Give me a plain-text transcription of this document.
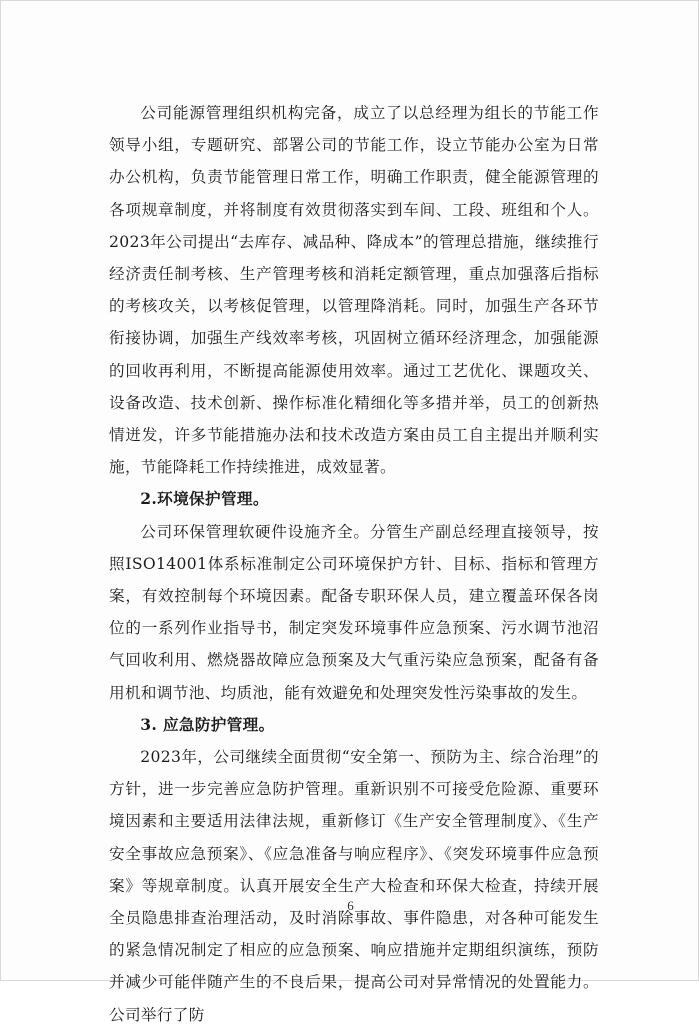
公司能源管理组织机构完备，成立了以总经理为组长的节能工作领导小组，专题研究、部署公司的节能工作，设立节能办公室为日常办公机构，负责节能管理日常工作，明确工作职责，健全能源管理的各项规章制度，并将制度有效贯彻落实到车间、工段、班组和个人。2023年公司提出“去库存、减品种、降成本”的管理总措施，继续推行经济责任制考核、生产管理考核和消耗定额管理，重点加强落后指标的考核攻关，以考核促管理，以管理降消耗。同时，加强生产各环节衔接协调，加强生产线效率考核，巩固树立循环经济理念，加强能源的回收再利用，不断提高能源使用效率。通过工艺优化、课题攻关、设备改造、技术创新、操作标准化精细化等多措并举，员工的创新热情迸发，许多节能措施办法和技术改造方案由员工自主提出并顺利实施，节能降耗工作持续推进，成效显著。

2.环境保护管理。

公司环保管理软硬件设施齐全。分管生产副总经理直接领导，按照ISO14001体系标准制定公司环境保护方针、目标、指标和管理方案，有效控制每个环境因素。配备专职环保人员，建立覆盖环保各岗位的一系列作业指导书，制定突发环境事件应急预案、污水调节池沼气回收利用、燃烧器故障应急预案及大气重污染应急预案，配备有备用机和调节池、均质池，能有效避免和处理突发性污染事故的发生。

3. 应急防护管理。

2023年，公司继续全面贯彻“安全第一、预防为主、综合治理”的方针，进一步完善应急防护管理。重新识别不可接受危险源、重要环境因素和主要适用法律法规，重新修订《生产安全管理制度》、《生产安全事故应急预案》、《应急准备与响应程序》、《突发环境事件应急预案》等规章制度。认真开展安全生产大检查和环保大检查，持续开展全员隐患排查治理活动，及时消除事故、事件隐患，对各种可能发生的紧急情况制定了相应的应急预案、响应措施并定期组织演练，预防并减少可能伴随产生的不良后果，提高公司对异常情况的处置能力。公司举行了防

6
